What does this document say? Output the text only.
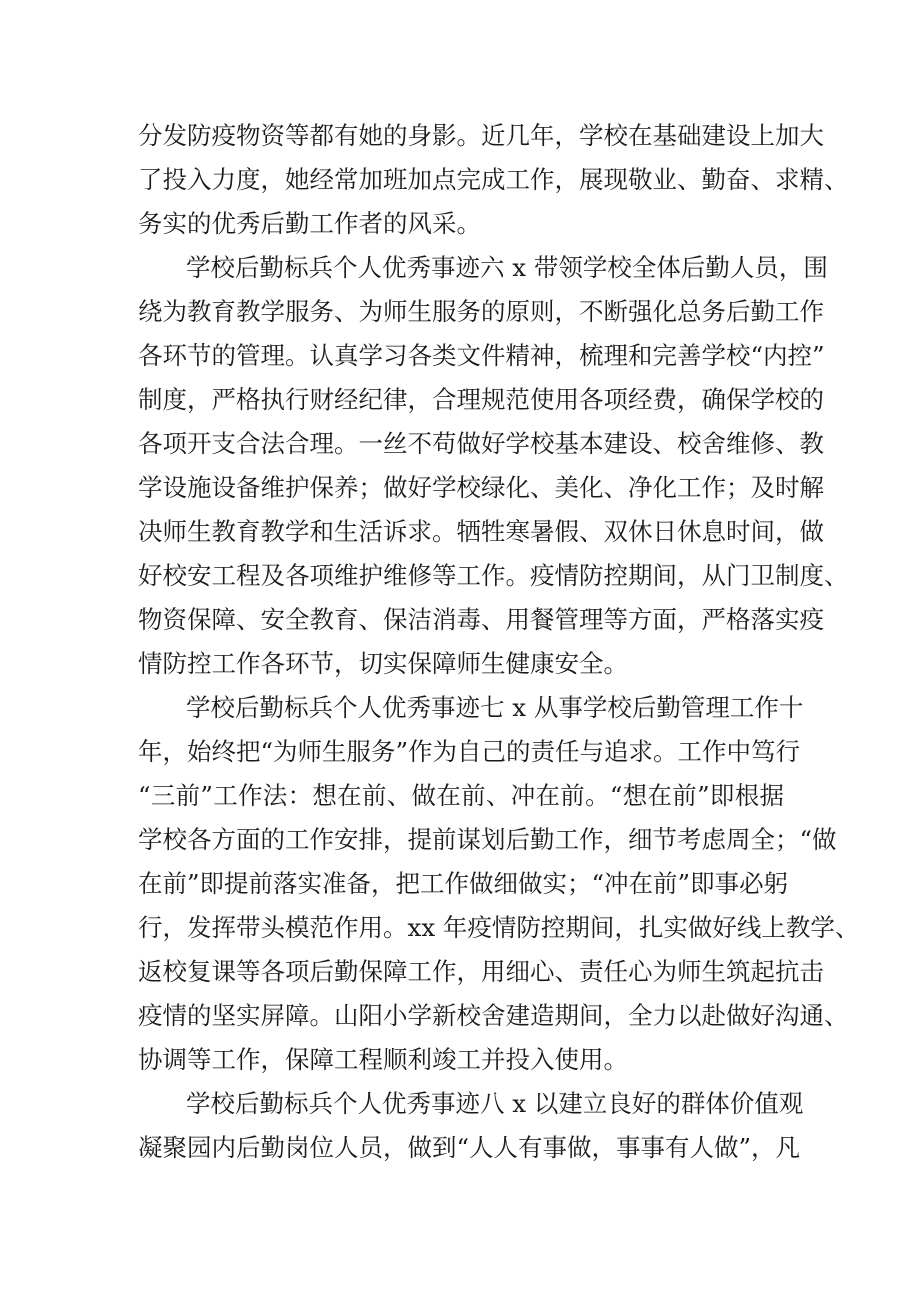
分发防疫物资等都有她的身影。近几年，学校在基础建设上加大
了投入力度，她经常加班加点完成工作，展现敬业、勤奋、求精、
务实的优秀后勤工作者的风采。
学校后勤标兵个人优秀事迹六 x 带领学校全体后勤人员，围
绕为教育教学服务、为师生服务的原则，不断强化总务后勤工作
各环节的管理。认真学习各类文件精神，梳理和完善学校“内控”
制度，严格执行财经纪律，合理规范使用各项经费，确保学校的
各项开支合法合理。一丝不苟做好学校基本建设、校舍维修、教
学设施设备维护保养；做好学校绿化、美化、净化工作；及时解
决师生教育教学和生活诉求。牺牲寒暑假、双休日休息时间，做
好校安工程及各项维护维修等工作。疫情防控期间，从门卫制度、
物资保障、安全教育、保洁消毒、用餐管理等方面，严格落实疫
情防控工作各环节，切实保障师生健康安全。
学校后勤标兵个人优秀事迹七 x 从事学校后勤管理工作十
年，始终把“为师生服务”作为自己的责任与追求。工作中笃行
“三前”工作法：想在前、做在前、冲在前。“想在前”即根据
学校各方面的工作安排，提前谋划后勤工作，细节考虑周全；“做
在前”即提前落实准备，把工作做细做实；“冲在前”即事必躬
行，发挥带头模范作用。xx 年疫情防控期间，扎实做好线上教学、
返校复课等各项后勤保障工作，用细心、责任心为师生筑起抗击
疫情的坚实屏障。山阳小学新校舍建造期间，全力以赴做好沟通、
协调等工作，保障工程顺利竣工并投入使用。
学校后勤标兵个人优秀事迹八 x 以建立良好的群体价值观
凝聚园内后勤岗位人员，做到“人人有事做，事事有人做”，凡
